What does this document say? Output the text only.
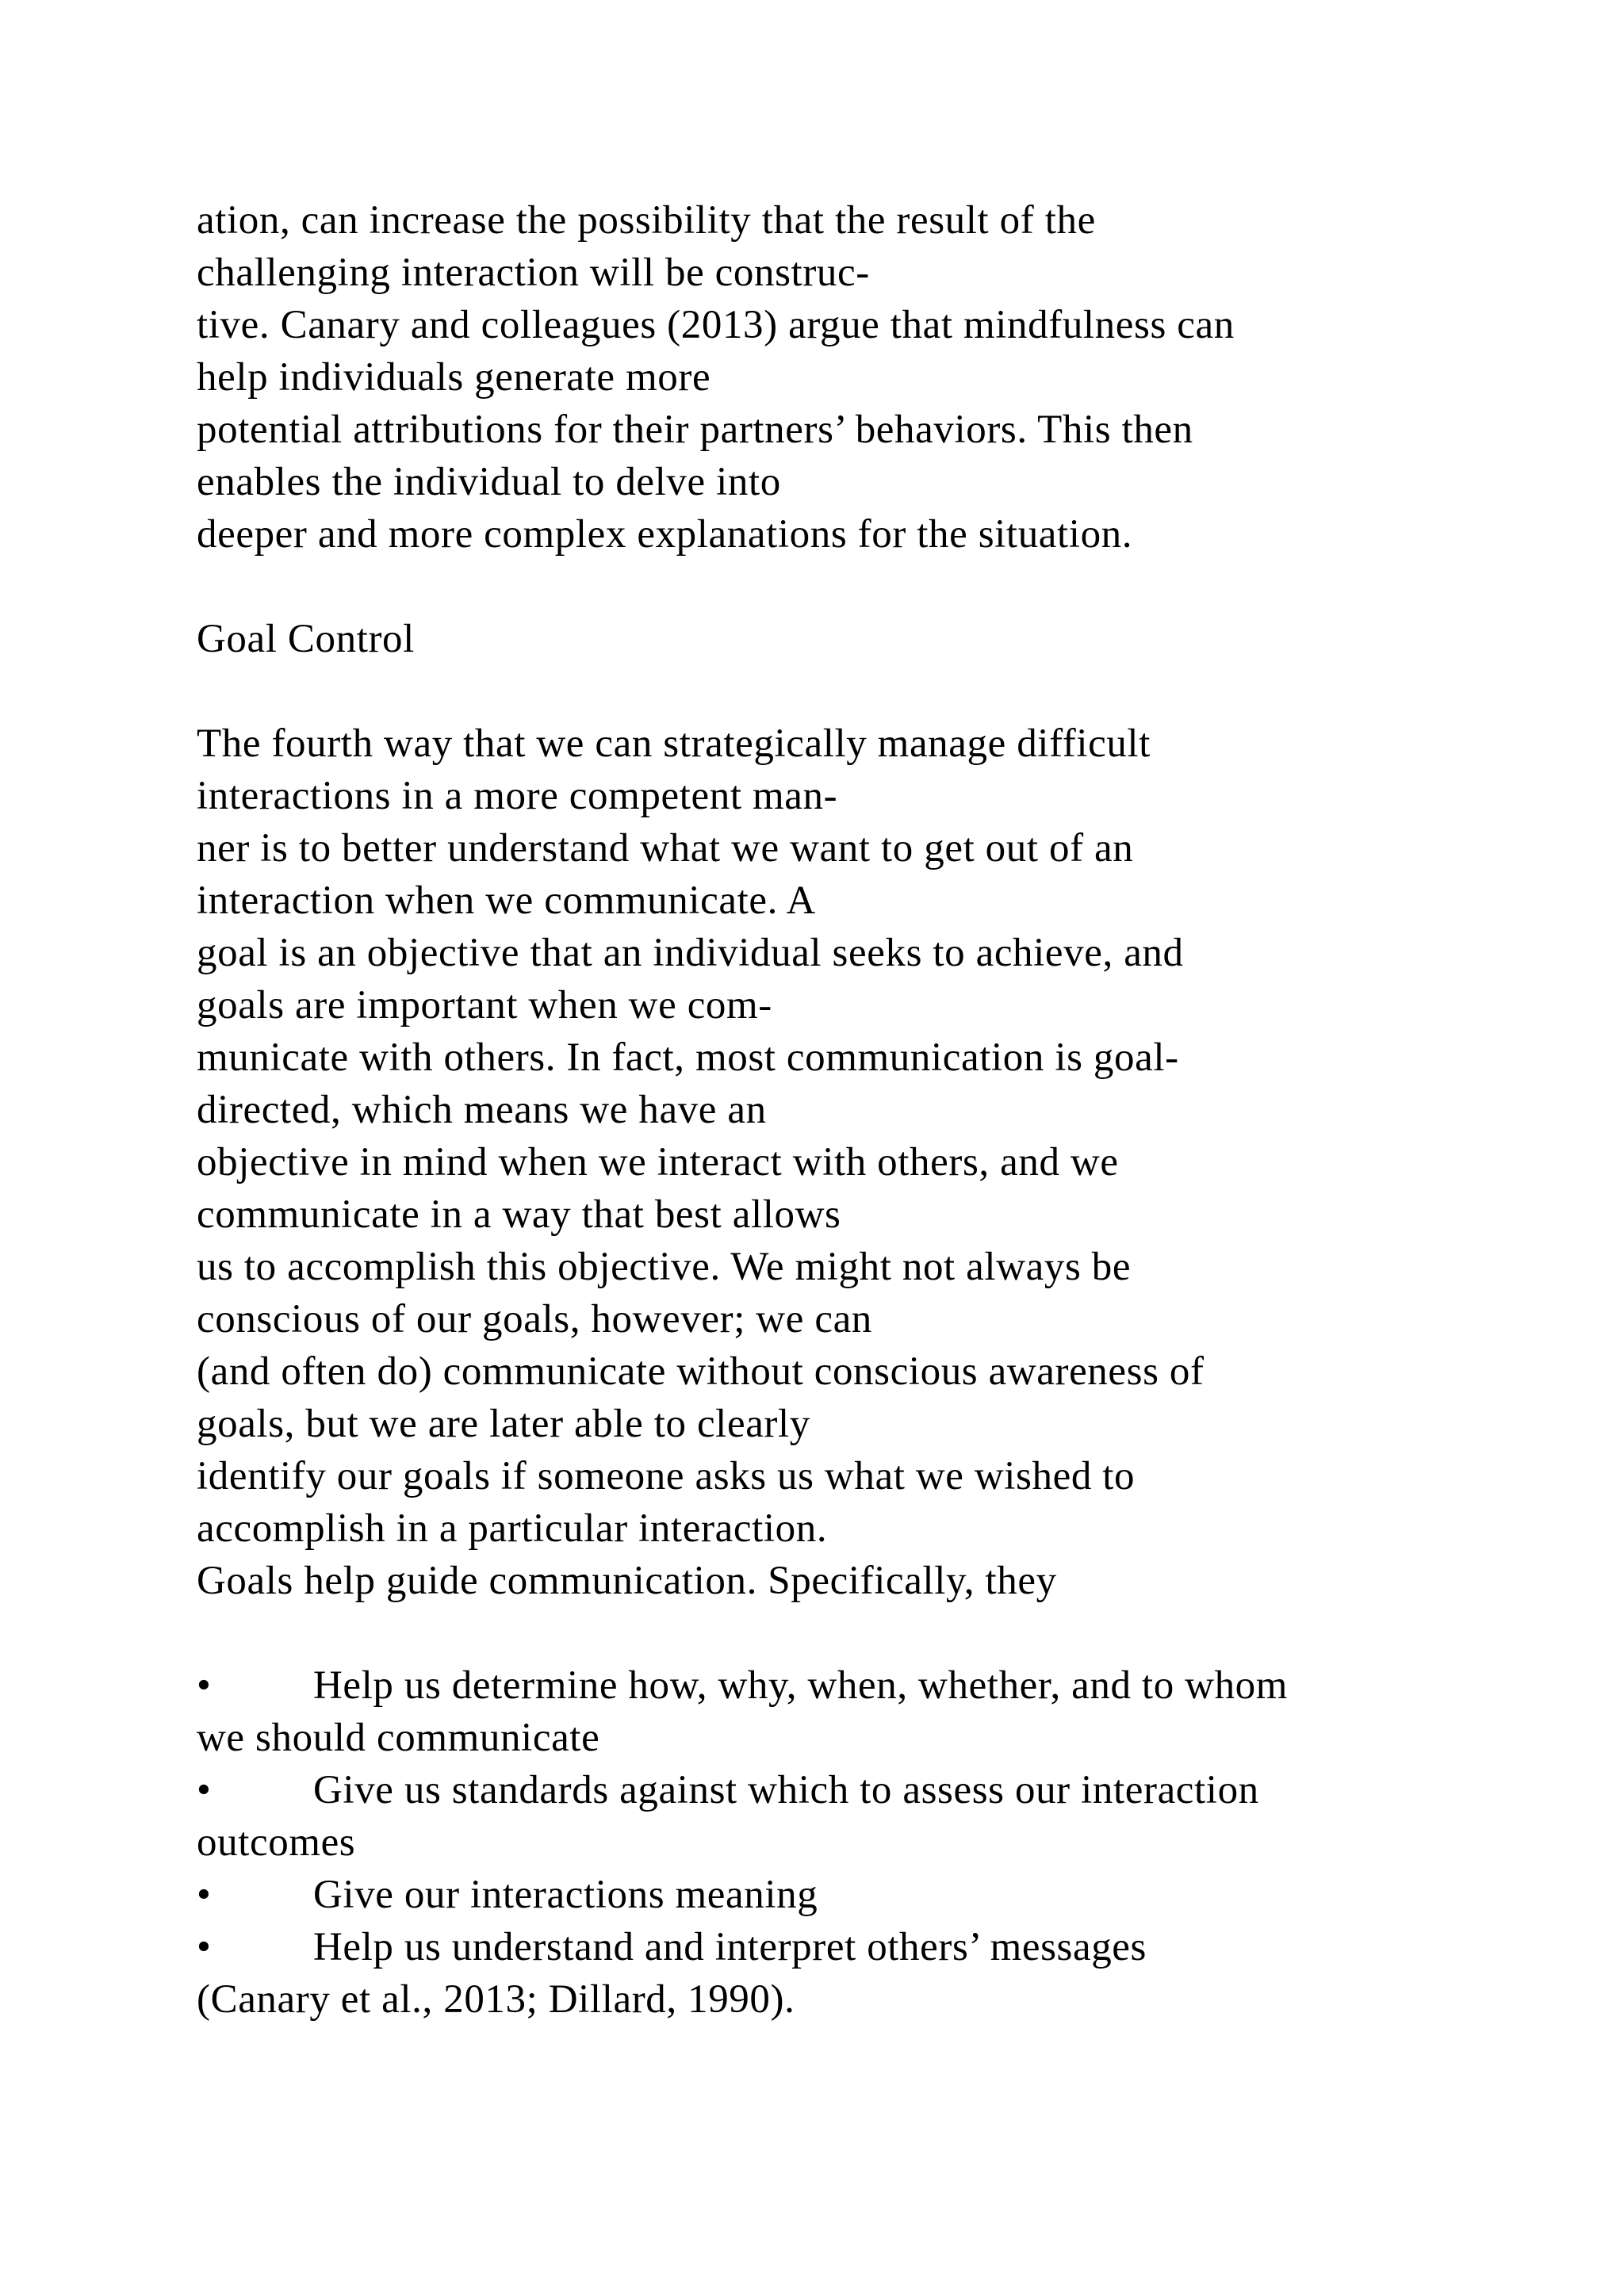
ation, can increase the possibility that the result of the
challenging interaction will be construc-
tive. Canary and colleagues (2013) argue that mindfulness can
help individuals generate more
potential attributions for their partners’ behaviors. This then
enables the individual to delve into
deeper and more complex explanations for the situation.

Goal Control

The fourth way that we can strategically manage difficult
interactions in a more competent man-
ner is to better understand what we want to get out of an
interaction when we communicate. A
goal is an objective that an individual seeks to achieve, and
goals are important when we com-
municate with others. In fact, most communication is goal-
directed, which means we have an
objective in mind when we interact with others, and we
communicate in a way that best allows
us to accomplish this objective. We might not always be
conscious of our goals, however; we can
(and often do) communicate without conscious awareness of
goals, but we are later able to clearly
identify our goals if someone asks us what we wished to
accomplish in a particular interaction.
Goals help guide communication. Specifically, they

•	Help us determine how, why, when, whether, and to whom
we should communicate
•	Give us standards against which to assess our interaction
outcomes
•	Give our interactions meaning
•	Help us understand and interpret others’ messages
(Canary et al., 2013; Dillard, 1990).
